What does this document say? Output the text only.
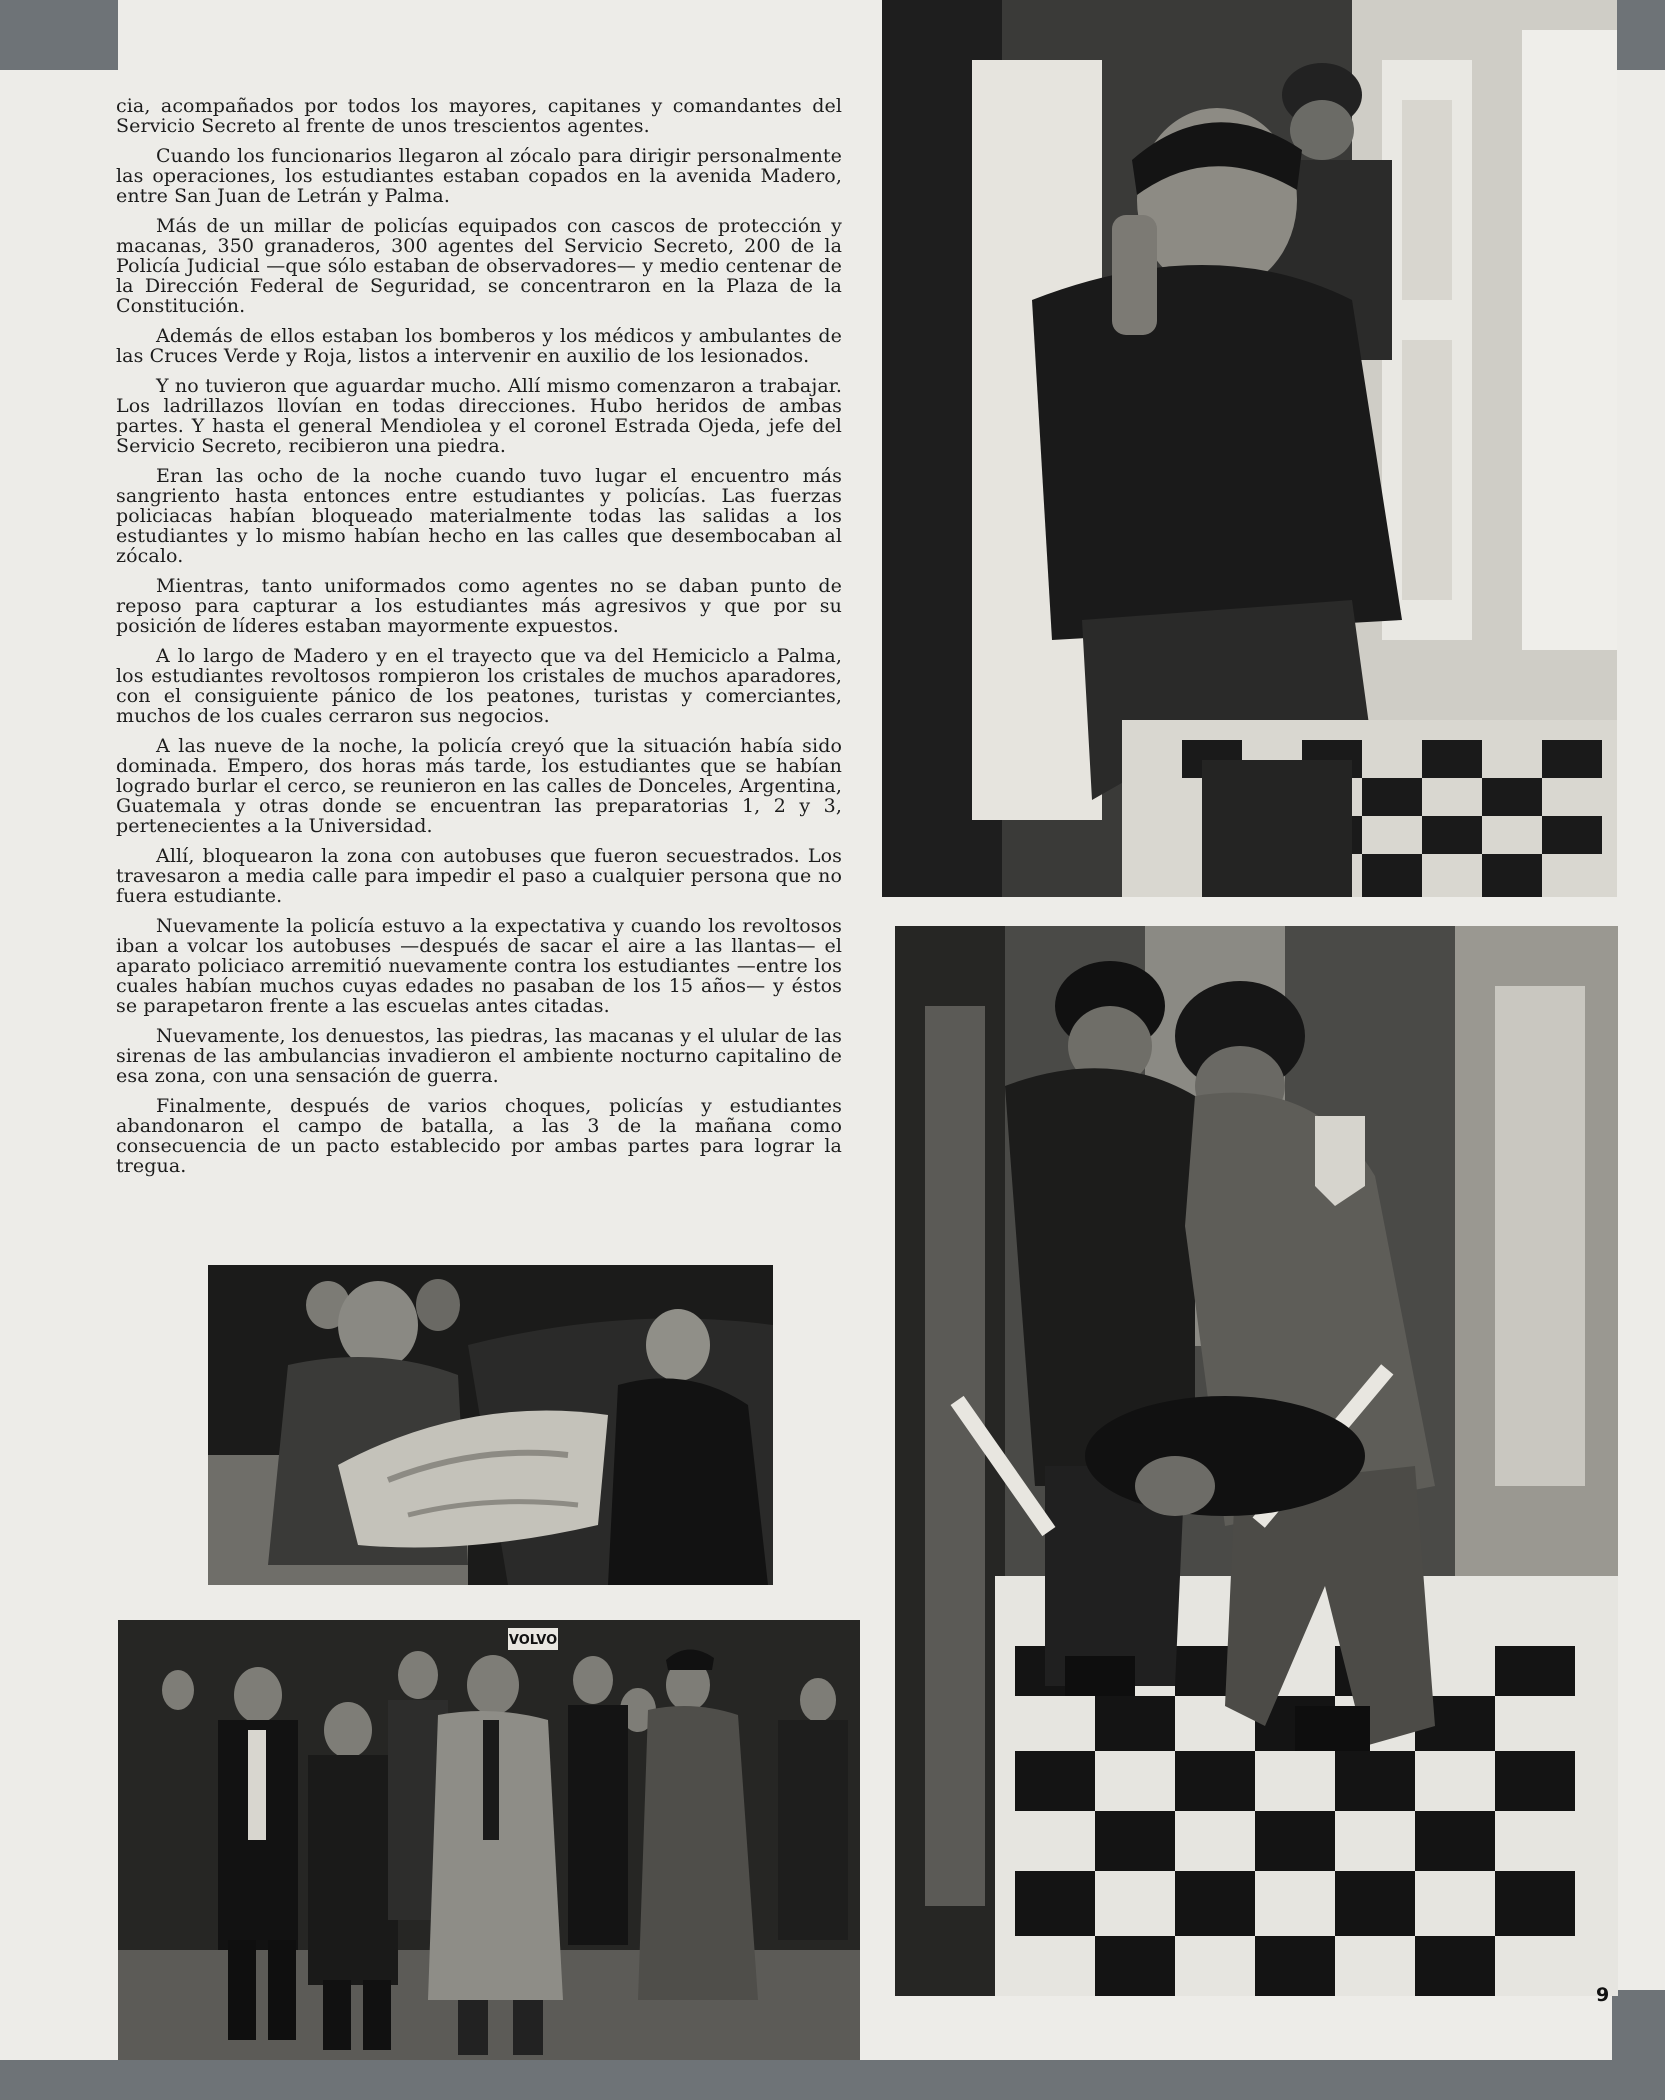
cia, acompañados por todos los mayores, capitanes y comandantes del Servicio Secreto al frente de unos trescientos agentes.

Cuando los funcionarios llegaron al zócalo para dirigir personalmente las operaciones, los estudiantes estaban copados en la avenida Madero, entre San Juan de Letrán y Palma.

Más de un millar de policías equipados con cascos de protección y macanas, 350 granaderos, 300 agentes del Servicio Secreto, 200 de la Policía Judicial —que sólo estaban de observadores— y medio centenar de la Dirección Federal de Seguridad, se concentraron en la Plaza de la Constitución.

Además de ellos estaban los bomberos y los médicos y ambulantes de las Cruces Verde y Roja, listos a intervenir en auxilio de los lesionados.

Y no tuvieron que aguardar mucho. Allí mismo comenzaron a trabajar. Los ladrillazos llovían en todas direcciones. Hubo heridos de ambas partes. Y hasta el general Mendiolea y el coronel Estrada Ojeda, jefe del Servicio Secreto, recibieron una piedra.

Eran las ocho de la noche cuando tuvo lugar el encuentro más sangriento hasta entonces entre estudiantes y policías. Las fuerzas policiacas habían bloqueado materialmente todas las salidas a los estudiantes y lo mismo habían hecho en las calles que desembocaban al zócalo.

Mientras, tanto uniformados como agentes no se daban punto de reposo para capturar a los estudiantes más agresivos y que por su posición de líderes estaban mayormente expuestos.

A lo largo de Madero y en el trayecto que va del Hemiciclo a Palma, los estudiantes revoltosos rompieron los cristales de muchos aparadores, con el consiguiente pánico de los peatones, turistas y comerciantes, muchos de los cuales cerraron sus negocios.

A las nueve de la noche, la policía creyó que la situación había sido dominada. Empero, dos horas más tarde, los estudiantes que se habían logrado burlar el cerco, se reunieron en las calles de Donceles, Argentina, Guatemala y otras donde se encuentran las preparatorias 1, 2 y 3, pertenecientes a la Universidad.

Allí, bloquearon la zona con autobuses que fueron secuestrados. Los travesaron a media calle para impedir el paso a cualquier persona que no fuera estudiante.

Nuevamente la policía estuvo a la expectativa y cuando los revoltosos iban a volcar los autobuses —después de sacar el aire a las llantas— el aparato policiaco arremitió nuevamente contra los estudiantes —entre los cuales habían muchos cuyas edades no pasaban de los 15 años— y éstos se parapetaron frente a las escuelas antes citadas.

Nuevamente, los denuestos, las piedras, las macanas y el ulular de las sirenas de las ambulancias invadieron el ambiente nocturno capitalino de esa zona, con una sensación de guerra.

Finalmente, después de varios choques, policías y estudiantes abandonaron el campo de batalla, a las 3 de la mañana como consecuencia de un pacto establecido por ambas partes para lograr la tregua.

VOLVO
9
